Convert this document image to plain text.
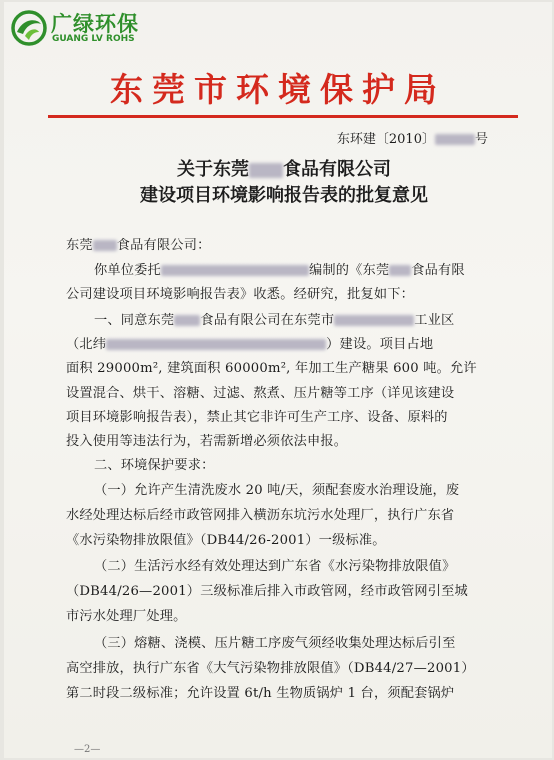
广绿环保
GUANG LV ROHS
东莞市环境保护局
东环建〔2010〕	号
关于东莞 食品有限公司
建设项目环境影响报告表的批复意见
东莞 食品有限公司：
你单位委托	编制的《东莞 食品有限
公司建设项目环境影响报告表》收悉。经研究，批复如下：
一、同意东莞 食品有限公司在东莞市	工业区
（北纬	）建设。项目占地
面积 29000m², 建筑面积 60000m², 年加工生产糖果 600 吨。允许
设置混合、烘干、溶糖、过滤、熬煮、压片糖等工序（详见该建设
项目环境影响报告表），禁止其它非许可生产工序、设备、原料的
投入使用等违法行为，若需新增必须依法申报。
二、环境保护要求：
（一）允许产生清洗废水 20 吨/天，须配套废水治理设施，废
水经处理达标后经市政管网排入横沥东坑污水处理厂，执行广东省
《水污染物排放限值》（DB44/26-2001）一级标准。
（二）生活污水经有效处理达到广东省《水污染物排放限值》
（DB44/26—2001）三级标准后排入市政管网，经市政管网引至城
市污水处理厂处理。
（三）熔糖、浇模、压片糖工序废气须经收集处理达标后引至
高空排放，执行广东省《大气污染物排放限值》（DB44/27—2001）
第二时段二级标准；允许设置 6t/h 生物质锅炉 1 台，须配套锅炉
—2—
